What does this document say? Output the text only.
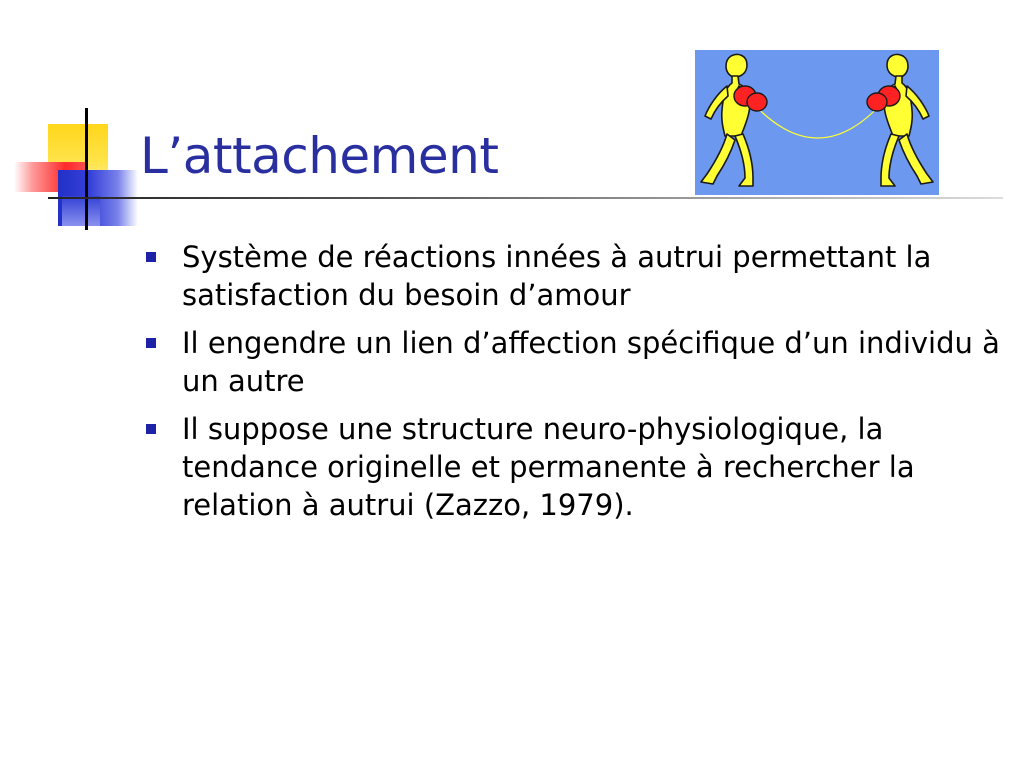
L’attachement
Système de réactions innées à autrui permettant la satisfaction du besoin d’amour
Il engendre un lien d’affection spécifique d’un individu à un autre
Il suppose une structure neuro-physiologique, la tendance originelle et permanente à rechercher la relation à autrui (Zazzo, 1979).
